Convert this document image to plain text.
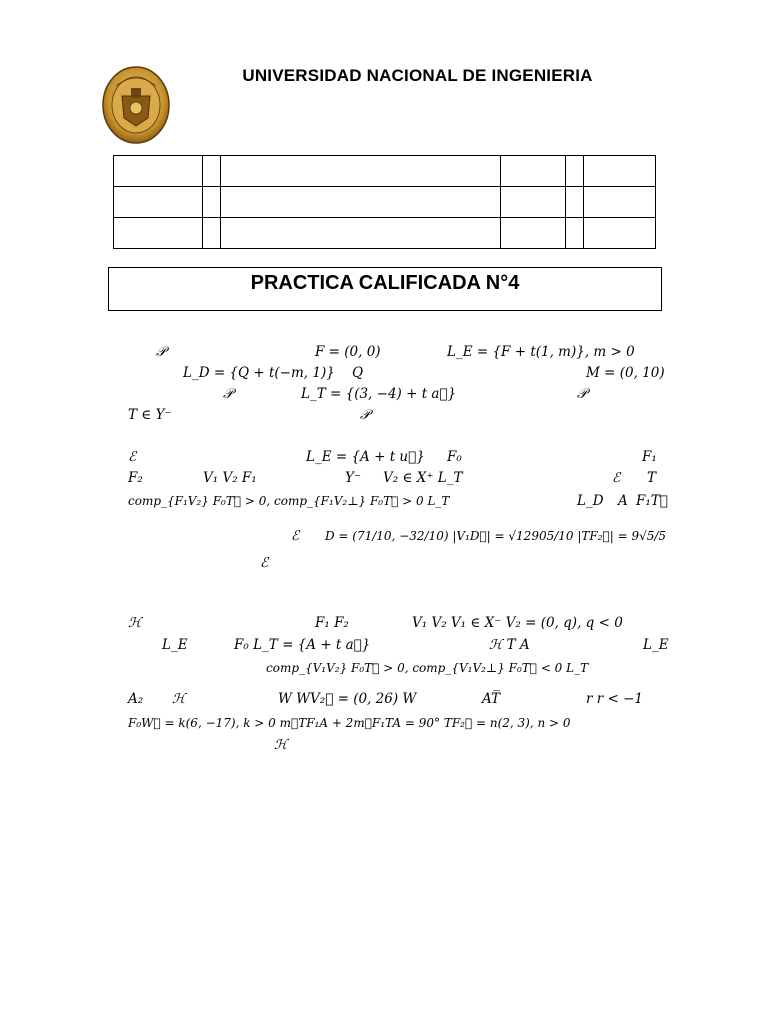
UNIVERSIDAD NACIONAL DE INGENIERIA

PRACTICA CALIFICADA N°4
𝒫	F = (0, 0)	L_E = {F + t(1, m)}, m > 0
L_D = {Q + t(−m, 1)} Q	M = (0, 10)
𝒫	L_T = {(3, −4) + t a⃗}	𝒫
T ∈ Y⁻	𝒫
ℰ	L_E = {A + t u⃗} F₀	F₁
F₂	V₁ V₂ F₁	Y⁻ V₂ ∈ X⁺ L_T	ℰ T
comp_{F₁V₂} F₀T⃗ > 0, comp_{F₁V₂⊥} F₀T⃗ > 0 L_T	L_D A F₁T⃗
ℰ D = (71/10, −32/10) |V₁D⃗| = √12905/10 |TF₂⃗| = 9√5/5
ℰ
ℋ	F₁ F₂	V₁ V₂ V₁ ∈ X⁻ V₂ = (0, q), q < 0
L_E	F₀ L_T = {A + t a⃗}	ℋ T A	L_E
comp_{V₁V₂} F₀T⃗ > 0, comp_{V₁V₂⊥} F₀T⃗ < 0 L_T
A₂ ℋ	W WV₂⃗ = (0, 26) W	AT̅	r r < −1
F₀W⃗ = k(6, −17), k > 0 m∡TF₁A + 2m∡F₁TA = 90° TF₂⃗ = n(2, 3), n > 0
ℋ
